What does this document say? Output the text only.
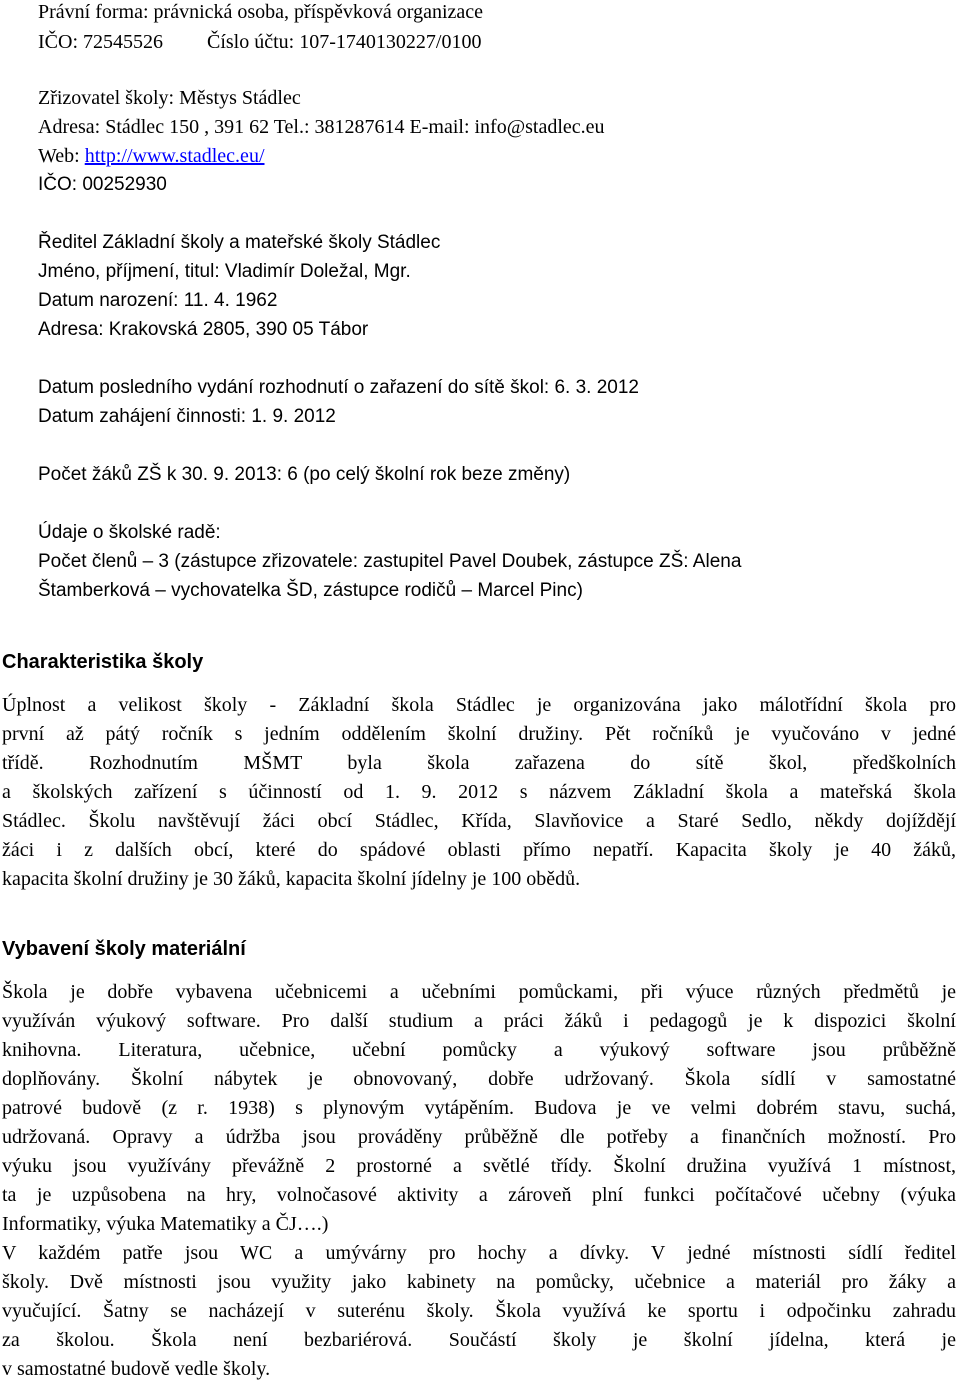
Právní forma: právnická osoba, příspěvková organizace
IČO: 72545526 Číslo účtu: 107-1740130227/0100
Zřizovatel školy: Městys Stádlec
Adresa: Stádlec 150 , 391 62 Tel.: 381287614 E-mail: info@stadlec.eu
Web: http://www.stadlec.eu/
IČO: 00252930
Ředitel Základní školy a mateřské školy Stádlec
Jméno, příjmení, titul: Vladimír Doležal, Mgr.
Datum narození: 11. 4. 1962
Adresa: Krakovská 2805, 390 05 Tábor
Datum posledního vydání rozhodnutí o zařazení do sítě škol: 6. 3. 2012
Datum zahájení činnosti: 1. 9. 2012
Počet žáků ZŠ k 30. 9. 2013: 6 (po celý školní rok beze změny)
Údaje o školské radě:
Počet členů – 3 (zástupce zřizovatele: zastupitel Pavel Doubek, zástupce ZŠ: Alena
Štamberková – vychovatelka ŠD, zástupce rodičů – Marcel Pinc)
Charakteristika školy
Úplnost a velikost školy - Základní škola Stádlec je organizována jako málotřídní škola pro
první až pátý ročník s jedním oddělením školní družiny. Pět ročníků je vyučováno v jedné
třídě. Rozhodnutím MŠMT byla škola zařazena do sítě škol, předškolních
a školských zařízení s účinností od 1. 9. 2012 s názvem Základní škola a mateřská škola
Stádlec. Školu navštěvují žáci obcí Stádlec, Křída, Slavňovice a Staré Sedlo, někdy dojíždějí
žáci i z dalších obcí, které do spádové oblasti přímo nepatří. Kapacita školy je 40 žáků,
kapacita školní družiny je 30 žáků, kapacita školní jídelny je 100 obědů.
Vybavení školy materiální
Škola je dobře vybavena učebnicemi a učebními pomůckami, při výuce různých předmětů je
využíván výukový software. Pro další studium a práci žáků i pedagogů je k dispozici školní
knihovna. Literatura, učebnice, učební pomůcky a výukový software jsou průběžně
doplňovány. Školní nábytek je obnovovaný, dobře udržovaný. Škola sídlí v samostatné
patrové budově (z r. 1938) s plynovým vytápěním. Budova je ve velmi dobrém stavu, suchá,
udržovaná. Opravy a údržba jsou prováděny průběžně dle potřeby a finančních možností. Pro
výuku jsou využívány převážně 2 prostorné a světlé třídy. Školní družina využívá 1 místnost,
ta je uzpůsobena na hry, volnočasové aktivity a zároveň plní funkci počítačové učebny (výuka
Informatiky, výuka Matematiky a ČJ….)
V každém patře jsou WC a umývárny pro hochy a dívky. V jedné místnosti sídlí ředitel
školy. Dvě místnosti jsou využity jako kabinety na pomůcky, učebnice a materiál pro žáky a
vyučující. Šatny se nacházejí v suterénu školy. Škola využívá ke sportu i odpočinku zahradu
za školou. Škola není bezbariérová. Součástí školy je školní jídelna, která je
v samostatné budově vedle školy.
